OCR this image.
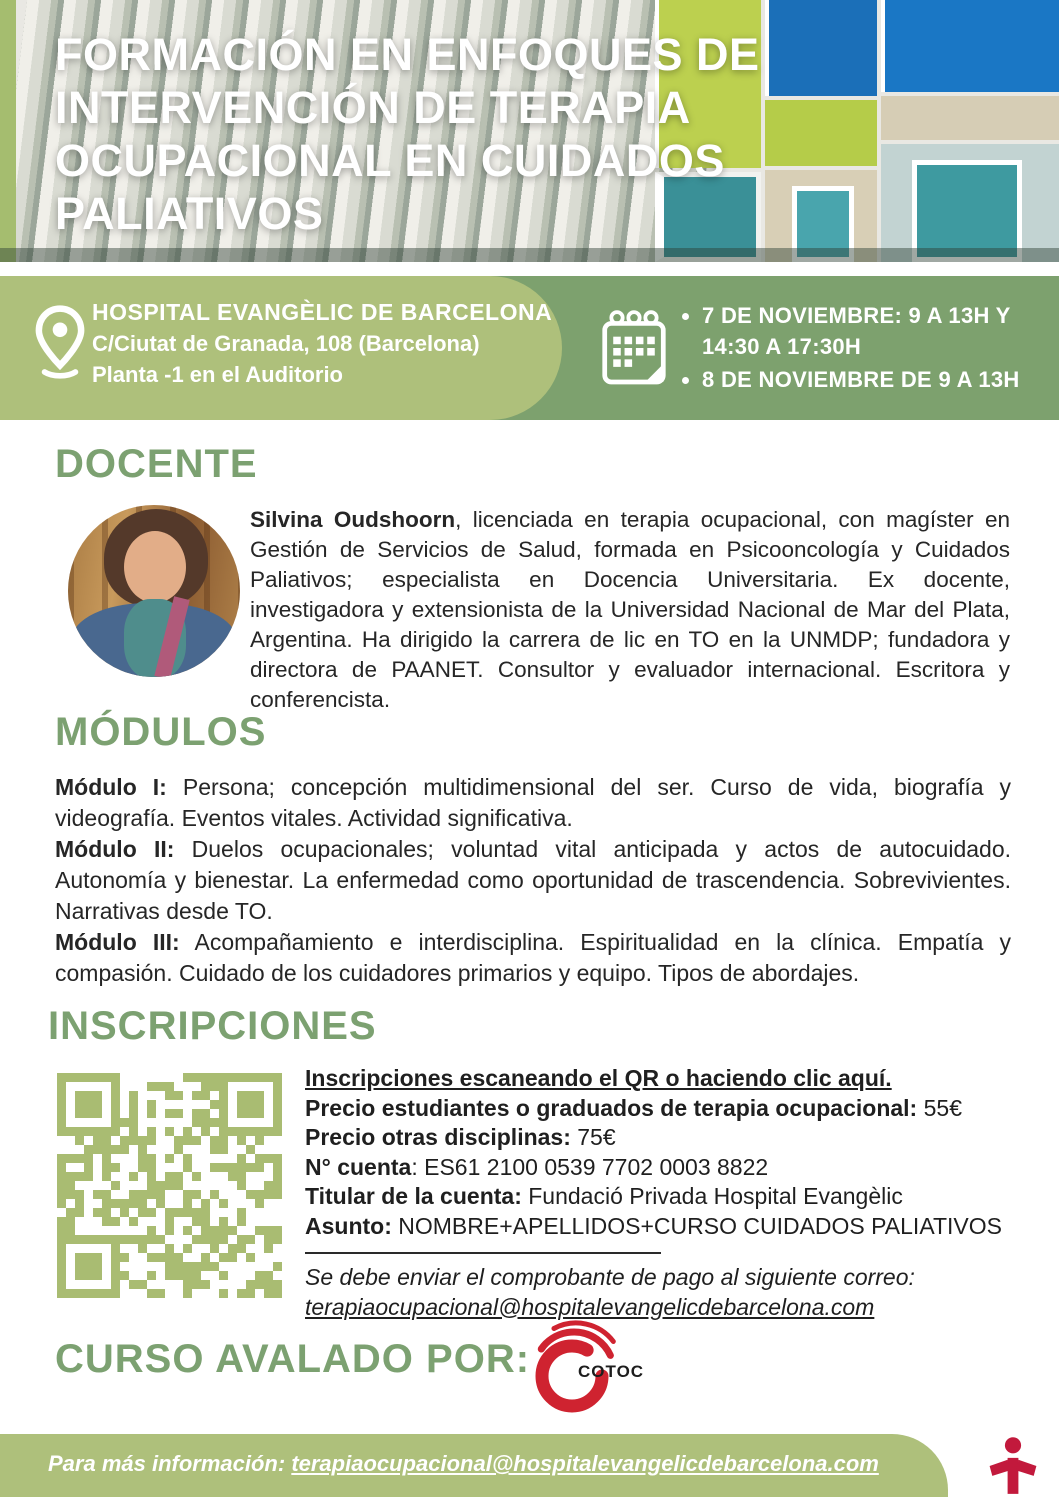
FORMACIÓN EN ENFOQUES DE
INTERVENCIÓN DE TERAPIA
OCUPACIONAL EN CUIDADOS
PALIATIVOS
HOSPITAL EVANGÈLIC DE BARCELONA
C/Ciutat de Granada, 108 (Barcelona)
Planta -1 en el Auditorio
• 7 DE NOVIEMBRE: 9 A 13H Y 14:30 A 17:30H
• 8 DE NOVIEMBRE DE 9 A 13H
DOCENTE

Silvina Oudshoorn, licenciada en terapia ocupacional, con magíster en Gestión de Servicios de Salud, formada en Psicooncología y Cuidados Paliativos; especialista en Docencia Universitaria. Ex docente, investigadora y extensionista de la Universidad Nacional de Mar del Plata, Argentina. Ha dirigido la carrera de lic en TO en la UNMDP; fundadora y directora de PAANET. Consultor y evaluador internacional. Escritora y conferencista.

MÓDULOS

Módulo I: Persona; concepción multidimensional del ser. Curso de vida, biografía y videografía. Eventos vitales. Actividad significativa.

Módulo II: Duelos ocupacionales; voluntad vital anticipada y actos de autocuidado. Autonomía y bienestar. La enfermedad como oportunidad de trascendencia. Sobrevivientes. Narrativas desde TO.

Módulo III: Acompañamiento e interdisciplina. Espiritualidad en la clínica. Empatía y compasión. Cuidado de los cuidadores primarios y equipo. Tipos de abordajes.

INSCRIPCIONES
Inscripciones escaneando el QR o haciendo clic aquí.
Precio estudiantes o graduados de terapia ocupacional: 55€
Precio otras disciplinas: 75€
N° cuenta: ES61 2100 0539 7702 0003 8822
Titular de la cuenta: Fundació Privada Hospital Evangèlic
Asunto: NOMBRE+APELLIDOS+CURSO CUIDADOS PALIATIVOS
Se debe enviar el comprobante de pago al siguiente correo:
terapiaocupacional@hospitalevangelicdebarcelona.com
CURSO AVALADO POR:	COTOC
Para más información: terapiaocupacional@hospitalevangelicdebarcelona.com
